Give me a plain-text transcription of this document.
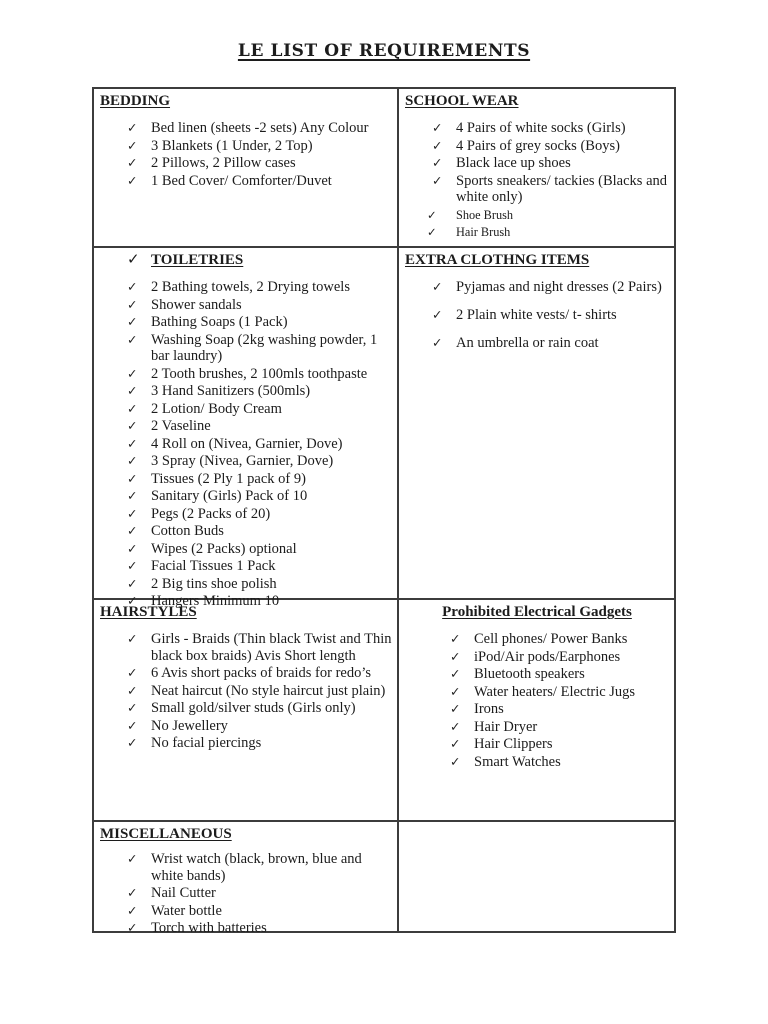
LE LIST OF REQUIREMENTS
BEDDING
✓ Bed linen (sheets -2 sets) Any Colour
✓ 3 Blankets (1 Under, 2 Top)
✓ 2 Pillows, 2 Pillow cases
✓ 1 Bed Cover/ Comforter/Duvet
SCHOOL WEAR
✓ 4 Pairs of white socks (Girls)
✓ 4 Pairs of grey socks (Boys)
✓ Black lace up shoes
✓ Sports sneakers/ tackies (Blacks and white only)
✓	Shoe Brush
✓	Hair Brush
✓ TOILETRIES
✓ 2 Bathing towels, 2 Drying towels
✓ Shower sandals
✓ Bathing Soaps (1 Pack)
✓ Washing Soap (2kg washing powder, 1 bar laundry)
✓ 2 Tooth brushes, 2 100mls toothpaste
✓ 3 Hand Sanitizers (500mls)
✓ 2 Lotion/ Body Cream
✓ 2 Vaseline
✓ 4 Roll on (Nivea, Garnier, Dove)
✓ 3 Spray (Nivea, Garnier, Dove)
✓ Tissues (2 Ply 1 pack of 9)
✓ Sanitary (Girls) Pack of 10
✓ Pegs (2 Packs of 20)
✓ Cotton Buds
✓ Wipes (2 Packs) optional
✓ Facial Tissues 1 Pack
✓ 2 Big tins shoe polish
✓ Hangers Minimum 10
EXTRA CLOTHNG ITEMS
✓ Pyjamas and night dresses (2 Pairs)
✓ 2 Plain white vests/ t- shirts
✓ An umbrella or rain coat
HAIRSTYLES
✓ Girls - Braids (Thin black Twist and Thin black box braids) Avis Short length
✓ 6 Avis short packs of braids for redo’s
✓ Neat haircut (No style haircut just plain)
✓ Small gold/silver studs (Girls only)
✓ No Jewellery
✓ No facial piercings
Prohibited Electrical Gadgets
✓ Cell phones/ Power Banks
✓ iPod/Air pods/Earphones
✓ Bluetooth speakers
✓ Water heaters/ Electric Jugs
✓ Irons
✓ Hair Dryer
✓ Hair Clippers
✓ Smart Watches
MISCELLANEOUS
✓ Wrist watch (black, brown, blue and white bands)
✓ Nail Cutter
✓ Water bottle
✓ Torch with batteries
